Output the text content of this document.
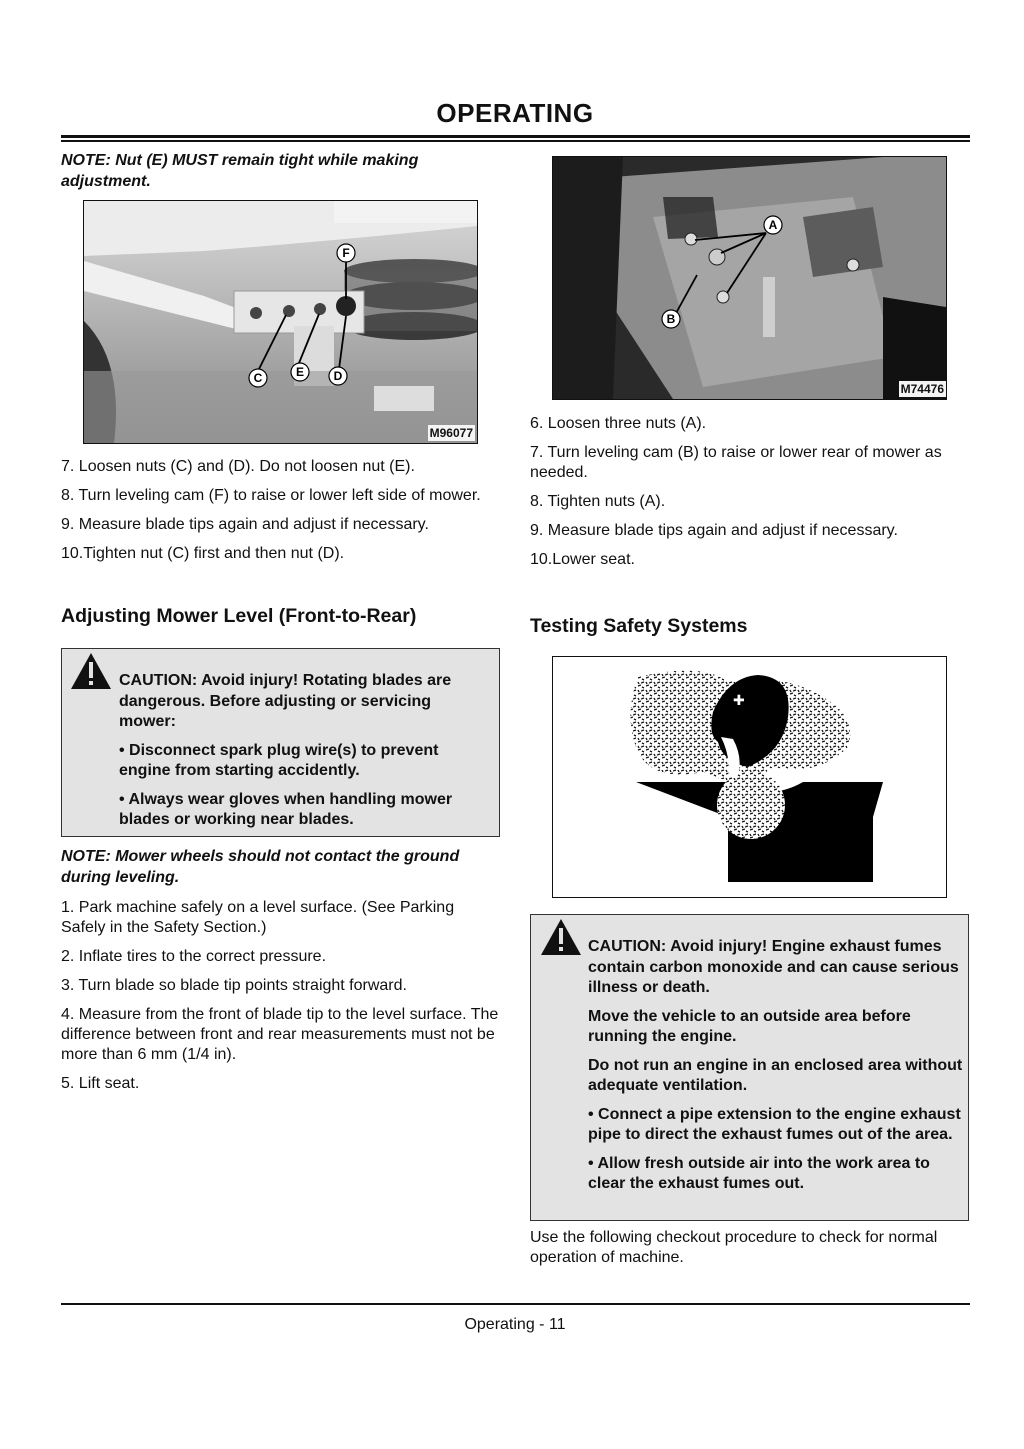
OPERATING
NOTE: Nut (E) MUST remain tight while making adjustment.
F
C	E D
M96077

7. Loosen nuts (C) and (D). Do not loosen nut (E).

8. Turn leveling cam (F) to raise or lower left side of mower.

9. Measure blade tips again and adjust if necessary.

10.Tighten nut (C) first and then nut (D).

Adjusting Mower Level (Front-to-Rear)

CAUTION: Avoid injury! Rotating blades are dangerous. Before adjusting or servicing mower:

• Disconnect spark plug wire(s) to prevent engine from starting accidently.

• Always wear gloves when handling mower blades or working near blades.

NOTE: Mower wheels should not contact the ground during leveling.

1. Park machine safely on a level surface. (See Parking Safely in the Safety Section.)

2. Inflate tires to the correct pressure.

3. Turn blade so blade tip points straight forward.

4. Measure from the front of blade tip to the level surface. The difference between front and rear measurements must not be more than 6 mm (1/4 in).

5. Lift seat.

A
B
M74476

6. Loosen three nuts (A).

7. Turn leveling cam (B) to raise or lower rear of mower as needed.

8. Tighten nuts (A).

9. Measure blade tips again and adjust if necessary.

10.Lower seat.

Testing Safety Systems
✚

CAUTION: Avoid injury! Engine exhaust fumes contain carbon monoxide and can cause serious illness or death.

Move the vehicle to an outside area before running the engine.

Do not run an engine in an enclosed area without adequate ventilation.

• Connect a pipe extension to the engine exhaust pipe to direct the exhaust fumes out of the area.

• Allow fresh outside air into the work area to clear the exhaust fumes out.

Use the following checkout procedure to check for normal operation of machine.

Operating - 11
